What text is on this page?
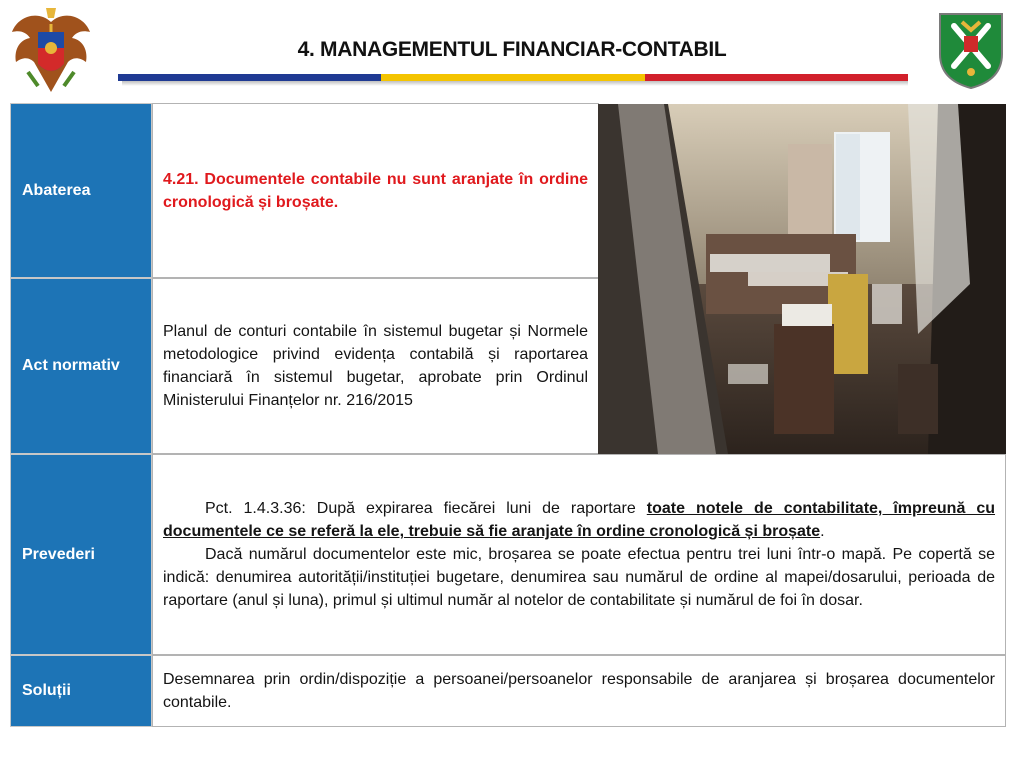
4. MANAGEMENTUL FINANCIAR-CONTABIL
Abaterea

4.21. Documentele contabile nu sunt aranjate în ordine cronologică și broșate.

Act normativ

Planul de conturi contabile în sistemul bugetar și Normele metodologice privind evidența contabilă și raportarea financiară în sistemul bugetar, aprobate prin Ordinul Ministerului Finanțelor nr. 216/2015

Prevederi

Pct. 1.4.3.36: După expirarea fiecărei luni de raportare toate notele de contabilitate, împreună cu documentele ce se referă la ele, trebuie să fie aranjate în ordine cronologică și broșate.

Dacă numărul documentelor este mic, broșarea se poate efectua pentru trei luni într-o mapă. Pe copertă se indică: denumirea autorității/instituției bugetare, denumirea sau numărul de ordine al mapei/dosarului, perioada de raportare (anul și luna), primul și ultimul număr al notelor de contabilitate și numărul de foi în dosar.

Soluții

Desemnarea prin ordin/dispoziție a persoanei/persoanelor responsabile de aranjarea și broșarea documentelor contabile.
